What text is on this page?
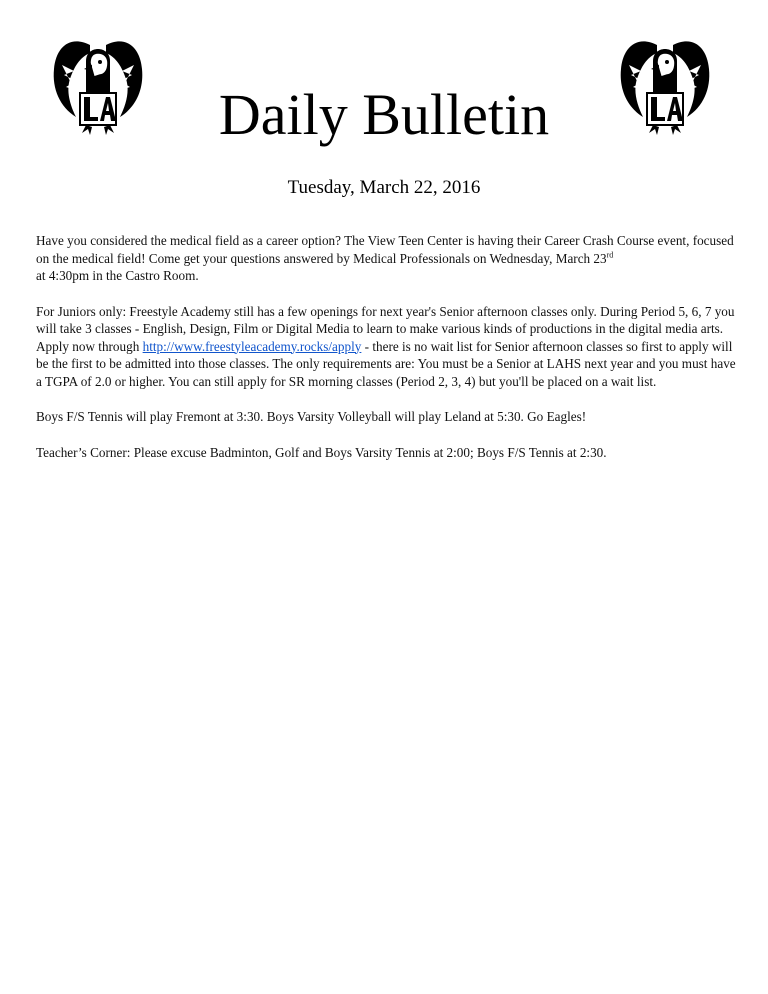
Daily Bulletin
Tuesday, March 22, 2016

Have you considered the medical field as a career option? The View Teen Center is having their Career Crash Course event, focused on the medical field! Come get your questions answered by Medical Professionals on Wednesday, March 23rd
at 4:30pm in the Castro Room.

For Juniors only: Freestyle Academy still has a few openings for next year's Senior afternoon classes only. During Period 5, 6, 7 you will take 3 classes - English, Design, Film or Digital Media to learn to make various kinds of productions in the digital media arts. Apply now through http://www.freestyleacademy.rocks/apply - there is no wait list for Senior afternoon classes so first to apply will be the first to be admitted into those classes. The only requirements are: You must be a Senior at LAHS next year and you must have a TGPA of 2.0 or higher. You can still apply for SR morning classes (Period 2, 3, 4) but you'll be placed on a wait list.

Boys F/S Tennis will play Fremont at 3:30. Boys Varsity Volleyball will play Leland at 5:30. Go Eagles!

Teacher’s Corner: Please excuse Badminton, Golf and Boys Varsity Tennis at 2:00; Boys F/S Tennis at 2:30.
